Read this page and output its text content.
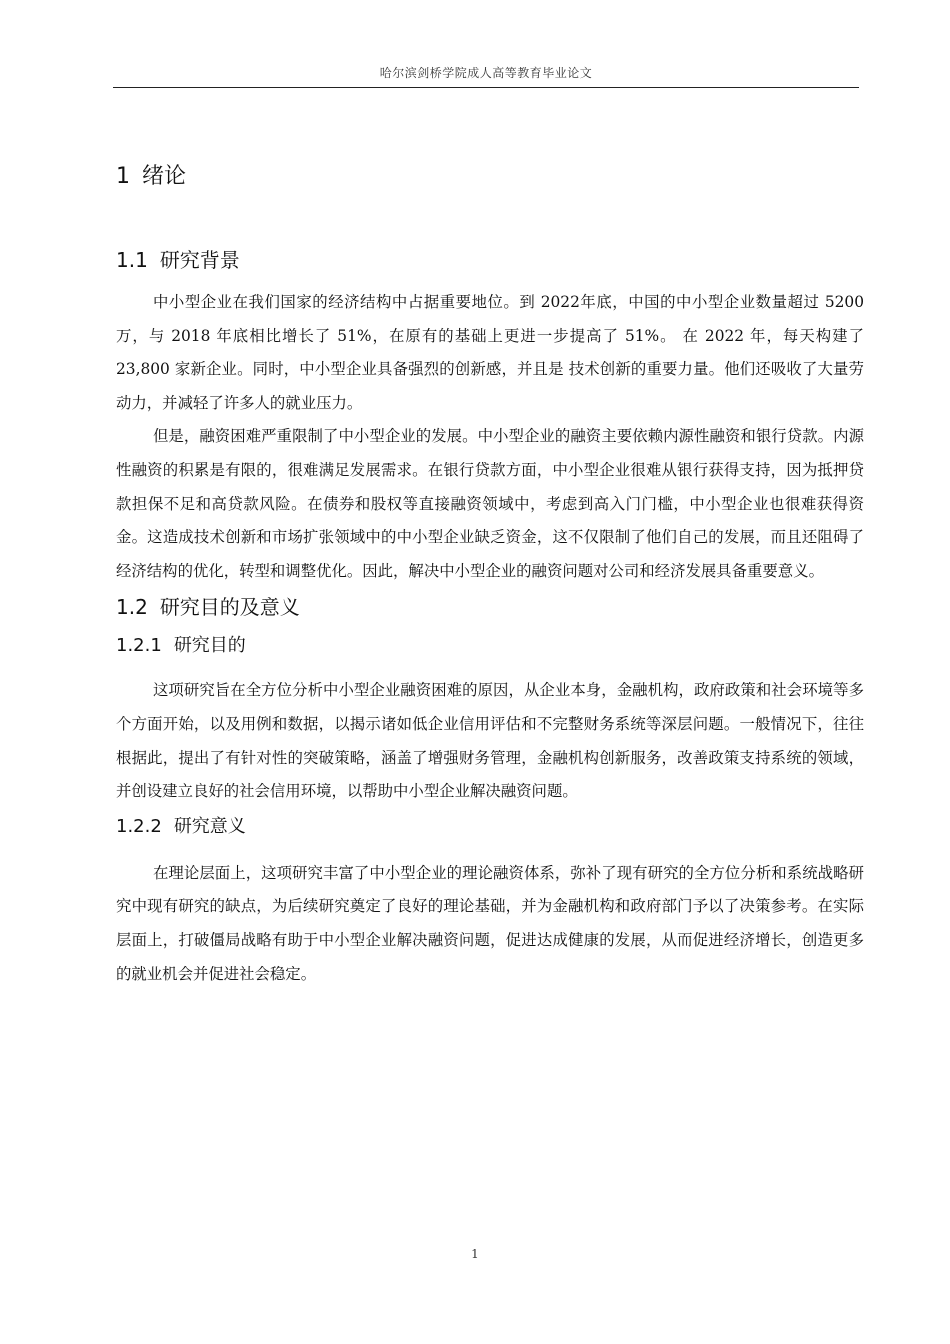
哈尔滨剑桥学院成人高等教育毕业论文
1 绪论
1.1 研究背景

中小型企业在我们国家的经济结构中占据重要地位。到 2022年底，中国的中小型企业数量超过 5200 万，与 2018 年底相比增长了 51%，在原有的基础上更进一步提高了 51%。 在 2022 年，每天构建了 23,800 家新企业。同时，中小型企业具备强烈的创新感，并且是 技术创新的重要力量。他们还吸收了大量劳动力，并减轻了许多人的就业压力。

但是，融资困难严重限制了中小型企业的发展。中小型企业的融资主要依赖内源性融资和银行贷款。内源性融资的积累是有限的，很难满足发展需求。在银行贷款方面，中小型企业很难从银行获得支持，因为抵押贷款担保不足和高贷款风险。在债券和股权等直接融资领域中，考虑到高入门门槛，中小型企业也很难获得资金。这造成技术创新和市场扩张领域中的中小型企业缺乏资金，这不仅限制了他们自己的发展，而且还阻碍了经济结构的优化，转型和调整优化。因此，解决中小型企业的融资问题对公司和经济发展具备重要意义。

1.2 研究目的及意义
1.2.1 研究目的

这项研究旨在全方位分析中小型企业融资困难的原因，从企业本身，金融机构，政府政策和社会环境等多个方面开始，以及用例和数据，以揭示诸如低企业信用评估和不完整财务系统等深层问题。一般情况下，往往根据此，提出了有针对性的突破策略，涵盖了增强财务管理，金融机构创新服务，改善政策支持系统的领域，并创设建立良好的社会信用环境，以帮助中小型企业解决融资问题。

1.2.2 研究意义

在理论层面上，这项研究丰富了中小型企业的理论融资体系，弥补了现有研究的全方位分析和系统战略研究中现有研究的缺点，为后续研究奠定了良好的理论基础，并为金融机构和政府部门予以了决策参考。在实际层面上，打破僵局战略有助于中小型企业解决融资问题，促进达成健康的发展，从而促进经济增长，创造更多的就业机会并促进社会稳定。

1
